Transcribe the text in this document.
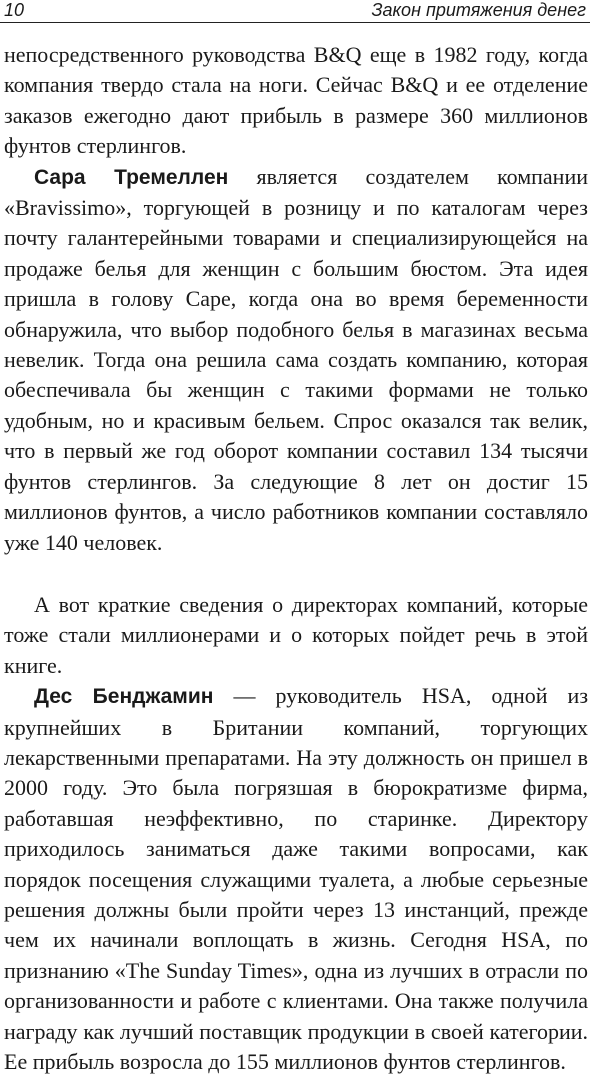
10	Закон притяжения денег

непосредственного руководства B&Q еще в 1982 году, когда компания твердо стала на ноги. Сейчас B&Q и ее отделение заказов ежегодно дают прибыль в размере 360 миллионов фунтов стерлингов.

Сара Тремеллен является создателем компании «Bravissimo», торгующей в розницу и по каталогам через почту галантерейными товарами и специализирующейся на продаже белья для женщин с большим бюстом. Эта идея пришла в голову Саре, когда она во время беременности обнаружила, что выбор подобного белья в магазинах весьма невелик. Тогда она решила сама создать компанию, которая обеспечивала бы женщин с такими формами не только удобным, но и красивым бельем. Спрос оказался так велик, что в первый же год оборот компании составил 134 тысячи фунтов стерлингов. За следующие 8 лет он достиг 15 миллионов фунтов, а число работников компании составляло уже 140 человек.

А вот краткие сведения о директорах компаний, которые тоже стали миллионерами и о которых пойдет речь в этой книге.

Дес Бенджамин — руководитель HSA, одной из крупнейших в Британии компаний, торгующих лекарственными препаратами. На эту должность он пришел в 2000 году. Это была погрязшая в бюрократизме фирма, работавшая неэффективно, по старинке. Директору приходилось заниматься даже такими вопросами, как порядок посещения служащими туалета, а любые серьезные решения должны были пройти через 13 инстанций, прежде чем их начинали воплощать в жизнь. Сегодня HSA, по признанию «The Sunday Times», одна из лучших в отрасли по организованности и работе с клиентами. Она также получила награду как лучший поставщик продукции в своей категории. Ее прибыль возросла до 155 миллионов фунтов стерлингов.
